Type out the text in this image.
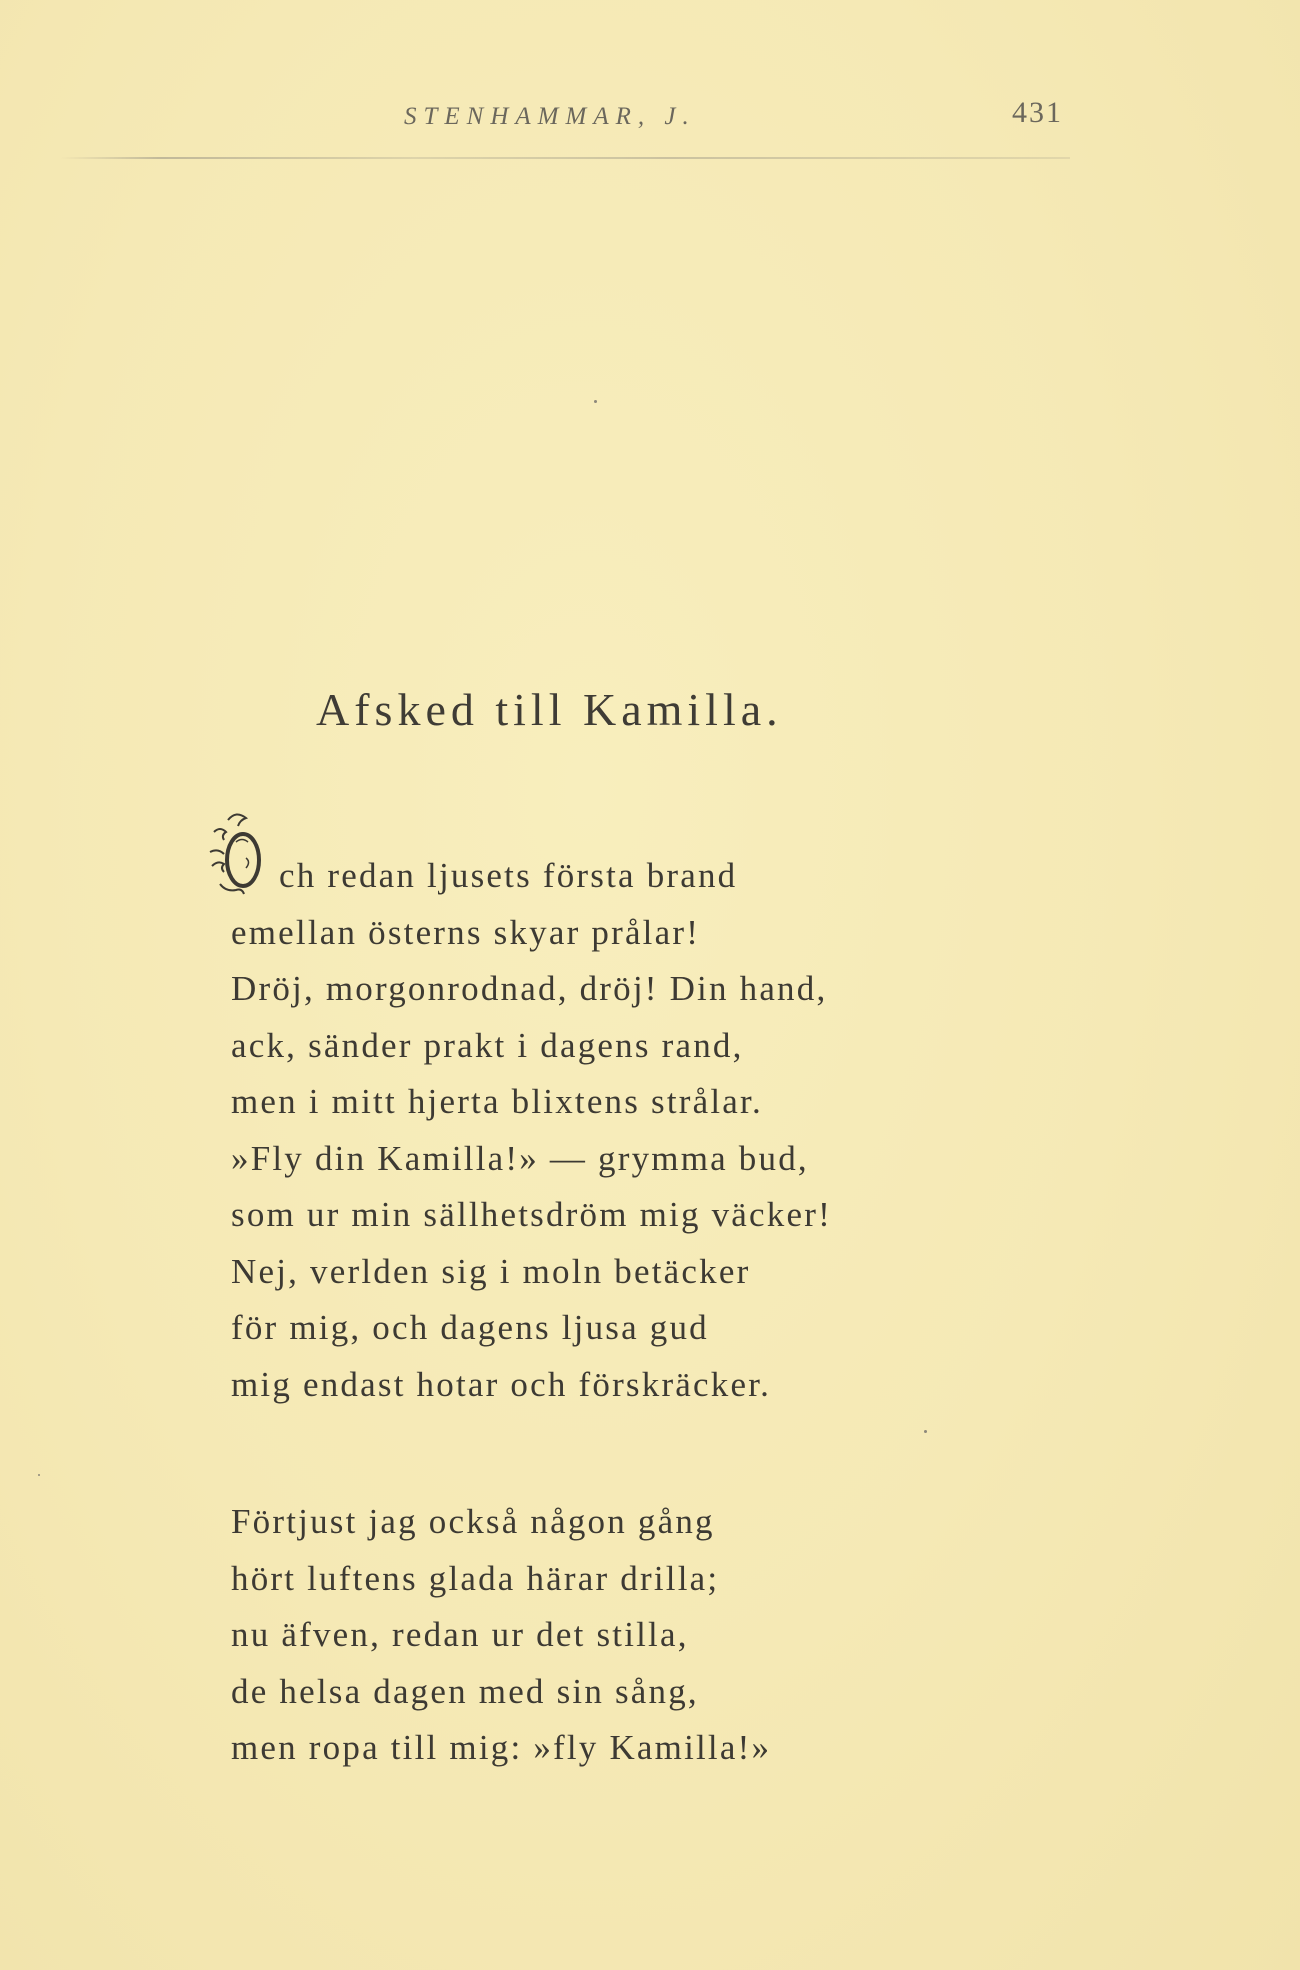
STENHAMMAR, J.	431
Afsked till Kamilla.
ch redan ljusets första brand
emellan österns skyar prålar!
Dröj, morgonrodnad, dröj! Din hand,
ack, sänder prakt i dagens rand,
men i mitt hjerta blixtens strålar.
»Fly din Kamilla!» — grymma bud,
som ur min sällhetsdröm mig väcker!
Nej, verlden sig i moln betäcker
för mig, och dagens ljusa gud
mig endast hotar och förskräcker.
Förtjust jag också någon gång
hört luftens glada härar drilla;
nu äfven, redan ur det stilla,
de helsa dagen med sin sång,
men ropa till mig: »fly Kamilla!»
